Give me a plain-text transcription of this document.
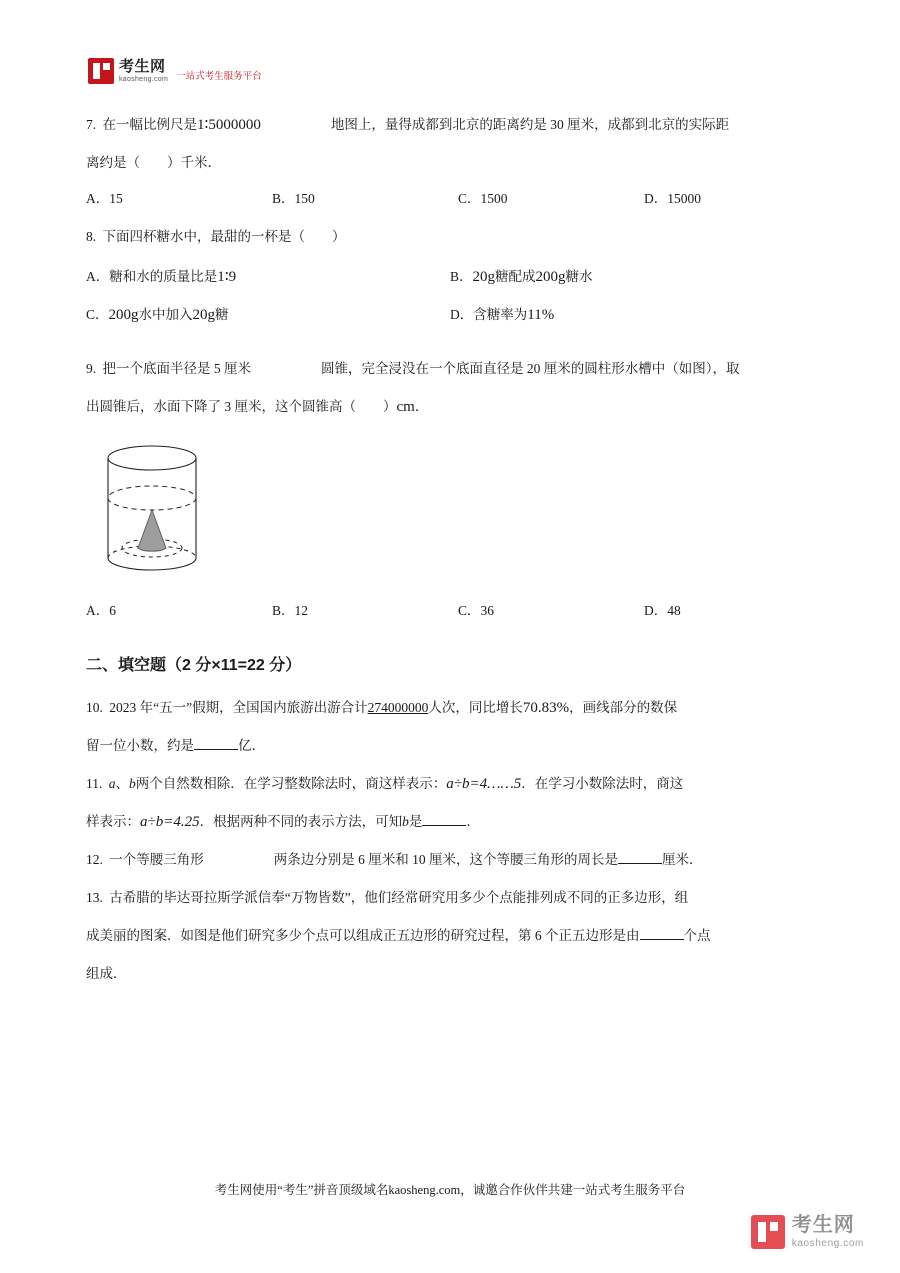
考生网
kaosheng.com 一站式考生服务平台

7. 在一幅比例尺是1∶5000000	地图上，量得成都到北京的距离约是 30 厘米，成都到北京的实际距

离约是（　　）千米．

A．15	B．150	C．1500	D．15000

8. 下面四杯糖水中，最甜的一杯是（　　）

A．糖和水的质量比是1∶9	B．20g糖配成200g糖水
C．200g水中加入20g糖	D．含糖率为11%

9. 把一个底面半径是 5 厘米	圆锥，完全浸没在一个底面直径是 20 厘米的圆柱形水槽中（如图），取

出圆锥后，水面下降了 3 厘米，这个圆锥高（　　）cm．

A．6	B．12	C．36	D．48
二、填空题（2 分×11=22 分）

10. 2023 年“五一”假期，全国国内旅游出游合计274000000人次，同比增长70.83%，画线部分的数保

留一位小数，约是	亿．

11. a、b两个自然数相除．在学习整数除法时，商这样表示：a÷b=4……5．在学习小数除法时，商这

样表示：a÷b=4.25．根据两种不同的表示方法，可知b是	．

12. 一个等腰三角形	两条边分别是 6 厘米和 10 厘米，这个等腰三角形的周长是	厘米．

13. 古希腊的毕达哥拉斯学派信奉“万物皆数”，他们经常研究用多少个点能排列成不同的正多边形，组

成美丽的图案．如图是他们研究多少个点可以组成正五边形的研究过程，第 6 个正五边形是由	个点

组成．

考生网使用“考生”拼音顶级域名kaosheng.com，诚邀合作伙伴共建一站式考生服务平台
考生网
kaosheng.com
